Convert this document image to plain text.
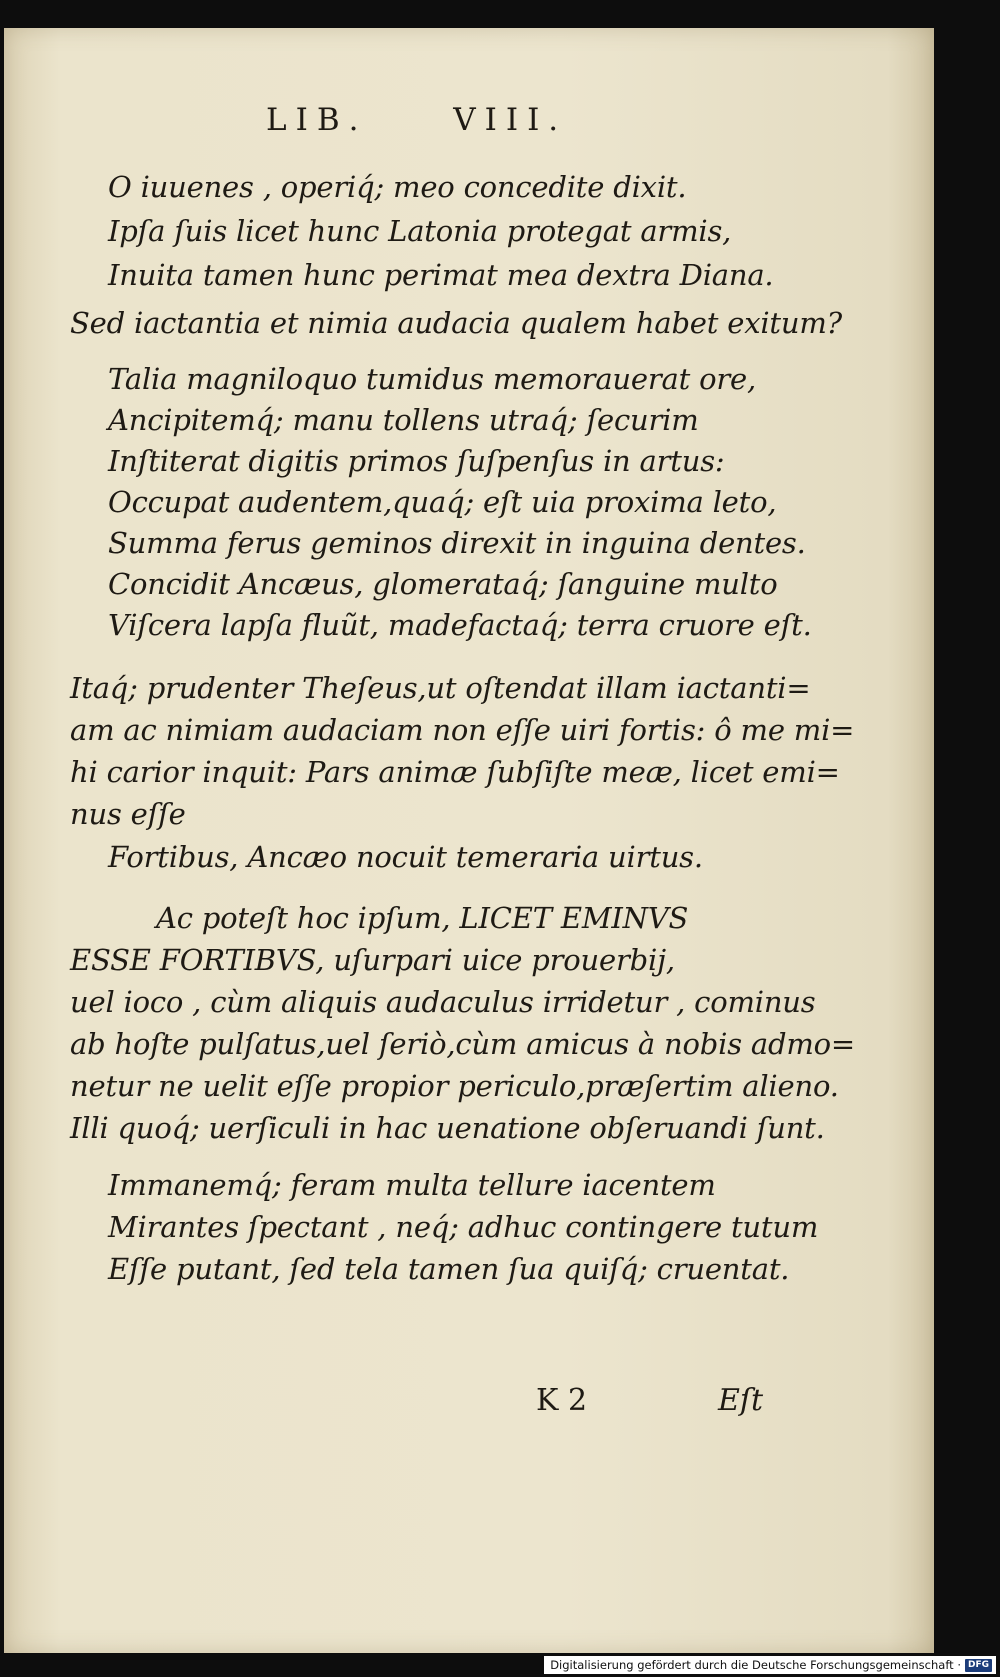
LIB.	VIII.
O iuuenes , operiq́; meo concedite dixit.
Ipſa ſuis licet hunc Latonia protegat armis,
Inuita tamen hunc perimat mea dextra Diana.
Sed iactantia et nimia audacia qualem habet exitum?
Talia magniloquo tumidus memorauerat ore,
Ancipitemq́; manu tollens utraq́; ſecurim
Inſtiterat digitis primos ſuſpenſus in artus:
Occupat audentem,quaq́; eſt uia proxima leto,
Summa ferus geminos direxit in inguina dentes.
Concidit Ancæus, glomerataq́; ſanguine multo
Viſcera lapſa fluũt, madefactaq́; terra cruore eſt.
Itaq́; prudenter Theſeus,ut oſtendat illam iactanti=
am ac nimiam audaciam non eſſe uiri fortis: ô me mi=
hi carior inquit: Pars animæ ſubſiſte meæ, licet emi=
nus eſſe
Fortibus, Ancæo nocuit temeraria uirtus.
Ac poteſt hoc ipſum, LICET EMINVS
ESSE FORTIBVS, uſurpari uice prouerbij,
uel ioco , cùm aliquis audaculus irridetur , cominus
ab hoſte pulſatus,uel ſeriò,cùm amicus à nobis admo=
netur ne uelit eſſe propior periculo,præſertim alieno.
Illi quoq́; uerſiculi in hac uenatione obſeruandi ſunt.
Immanemq́; feram multa tellure iacentem
Mirantes ſpectant , neq́; adhuc contingere tutum
Eſſe putant, ſed tela tamen ſua quiſq́; cruentat.
K 2	Eſt
Digitalisierung gefördert durch die Deutsche Forschungsgemeinschaft · DFG
